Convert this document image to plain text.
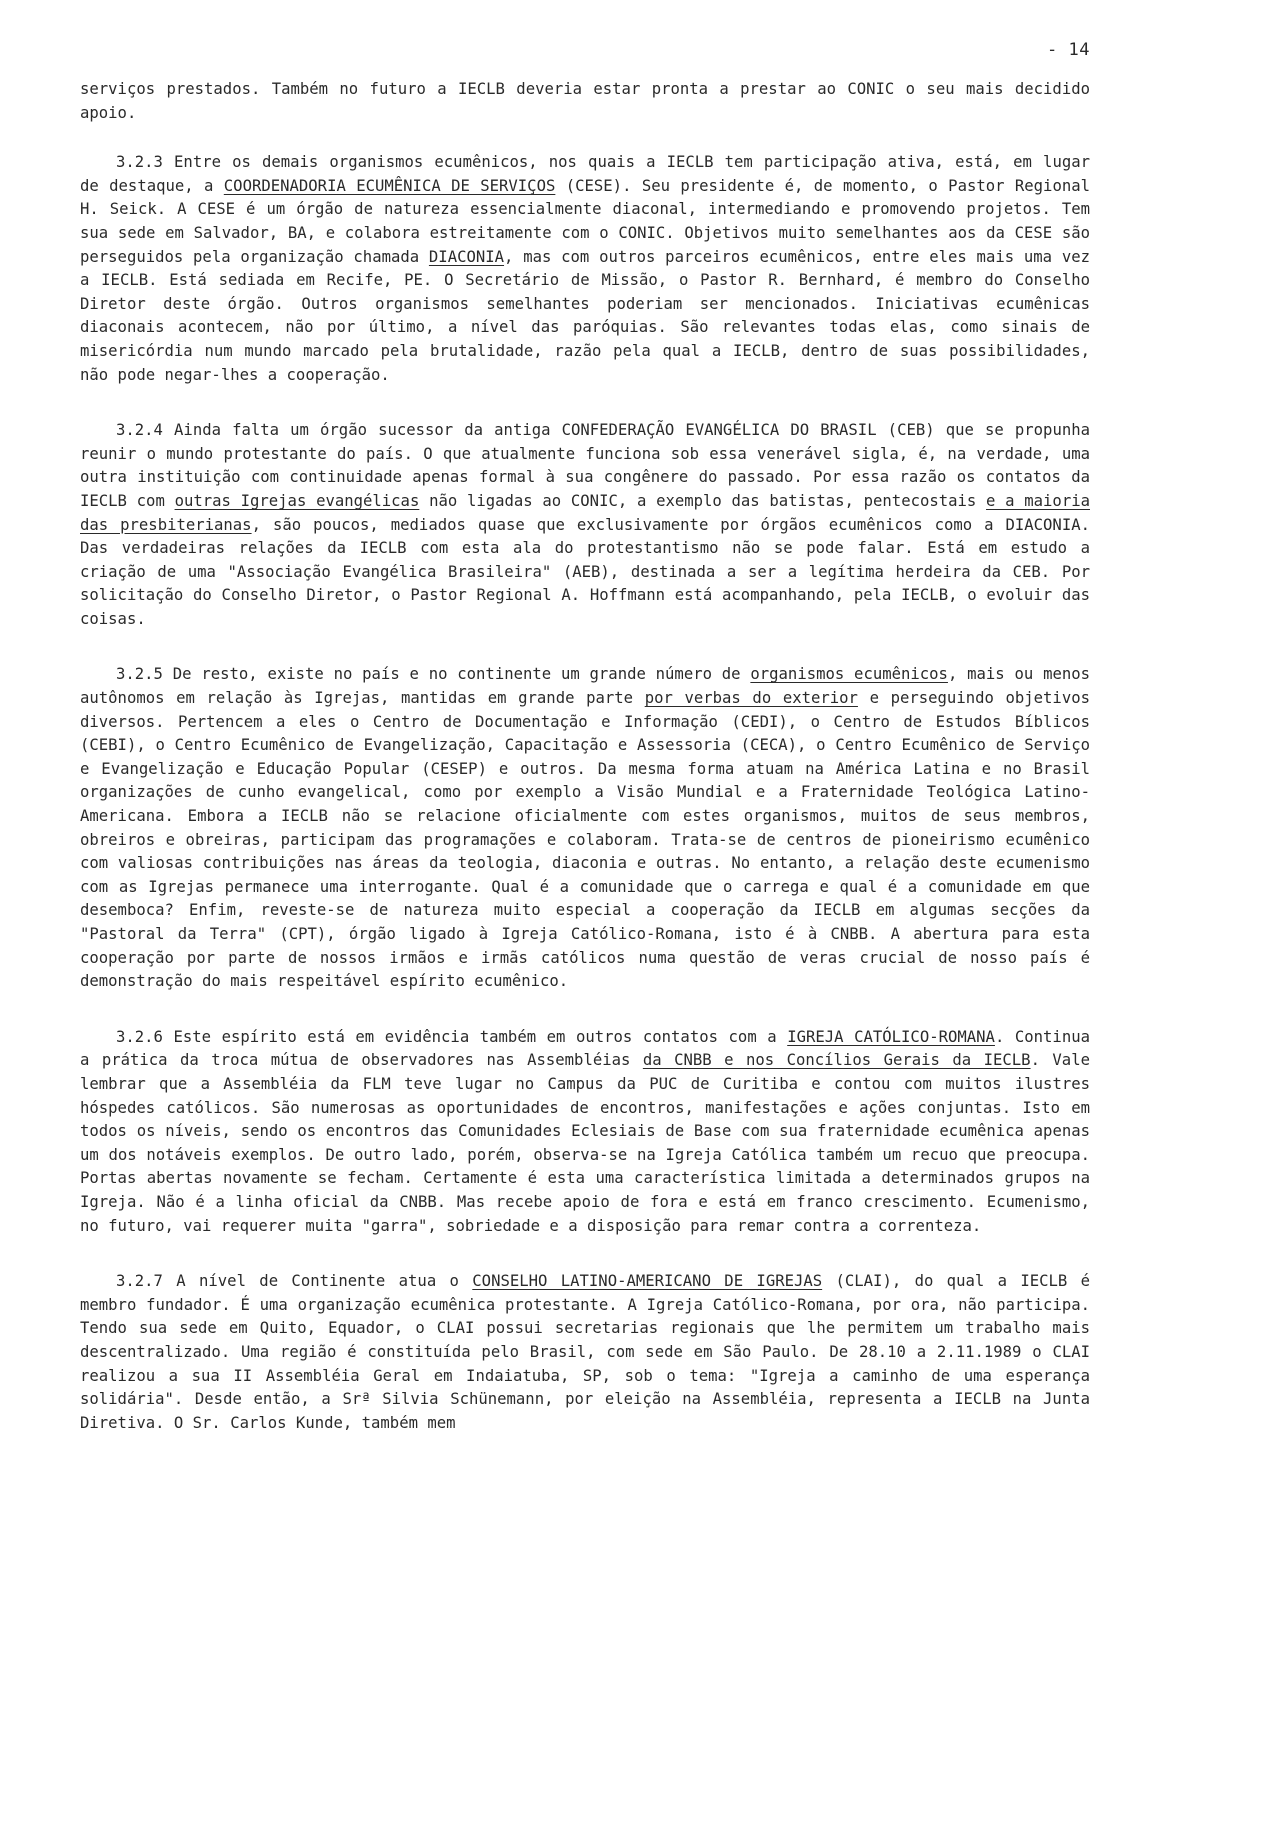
- 14

serviços prestados. Também no futuro a IECLB deveria estar pronta a prestar ao CONIC o seu mais decidido apoio.

3.2.3 Entre os demais organismos ecumênicos, nos quais a IECLB tem participação ativa, está, em lugar de destaque, a COORDENADORIA ECUMÊNICA DE SERVIÇOS (CESE). Seu presidente é, de momento, o Pastor Regional H. Seick. A CESE é um órgão de natureza essencialmente diaconal, intermediando e promovendo projetos. Tem sua sede em Salvador, BA, e colabora estreitamente com o CONIC. Objetivos muito semelhantes aos da CESE são perseguidos pela organização chamada DIACONIA, mas com outros parceiros ecumênicos, entre eles mais uma vez a IECLB. Está sediada em Recife, PE. O Secretário de Missão, o Pastor R. Bernhard, é membro do Conselho Diretor deste órgão. Outros organismos semelhantes poderiam ser mencionados. Iniciativas ecumênicas diaconais acontecem, não por último, a nível das paróquias. São relevantes todas elas, como sinais de misericórdia num mundo marcado pela brutalidade, razão pela qual a IECLB, dentro de suas possibilidades, não pode negar-lhes a cooperação.

3.2.4 Ainda falta um órgão sucessor da antiga CONFEDERAÇÃO EVANGÉLICA DO BRASIL (CEB) que se propunha reunir o mundo protestante do país. O que atualmente funciona sob essa venerável sigla, é, na verdade, uma outra instituição com continuidade apenas formal à sua congênere do passado. Por essa razão os contatos da IECLB com outras Igrejas evangélicas não ligadas ao CONIC, a exemplo das batistas, pentecostais e a maioria das presbiterianas, são poucos, mediados quase que exclusivamente por órgãos ecumênicos como a DIACONIA. Das verdadeiras relações da IECLB com esta ala do protestantismo não se pode falar. Está em estudo a criação de uma "Associação Evangélica Brasileira" (AEB), destinada a ser a legítima herdeira da CEB. Por solicitação do Conselho Diretor, o Pastor Regional A. Hoffmann está acompanhando, pela IECLB, o evoluir das coisas.

3.2.5 De resto, existe no país e no continente um grande número de organismos ecumênicos, mais ou menos autônomos em relação às Igrejas, mantidas em grande parte por verbas do exterior e perseguindo objetivos diversos. Pertencem a eles o Centro de Documentação e Informação (CEDI), o Centro de Estudos Bíblicos (CEBI), o Centro Ecumênico de Evangelização, Capacitação e Assessoria (CECA), o Centro Ecumênico de Serviço e Evangelização e Educação Popular (CESEP) e outros. Da mesma forma atuam na América Latina e no Brasil organizações de cunho evangelical, como por exemplo a Visão Mundial e a Fraternidade Teológica Latino-Americana. Embora a IECLB não se relacione oficialmente com estes organismos, muitos de seus membros, obreiros e obreiras, participam das programações e colaboram. Trata-se de centros de pioneirismo ecumênico com valiosas contribuições nas áreas da teologia, diaconia e outras. No entanto, a relação deste ecumenismo com as Igrejas permanece uma interrogante. Qual é a comunidade que o carrega e qual é a comunidade em que desemboca? Enfim, reveste-se de natureza muito especial a cooperação da IECLB em algumas secções da "Pastoral da Terra" (CPT), órgão ligado à Igreja Católico-Romana, isto é à CNBB. A abertura para esta cooperação por parte de nossos irmãos e irmãs católicos numa questão de veras crucial de nosso país é demonstração do mais respeitável espírito ecumênico.

3.2.6 Este espírito está em evidência também em outros contatos com a IGREJA CATÓLICO-ROMANA. Continua a prática da troca mútua de observadores nas Assembléias da CNBB e nos Concílios Gerais da IECLB. Vale lembrar que a Assembléia da FLM teve lugar no Campus da PUC de Curitiba e contou com muitos ilustres hóspedes católicos. São numerosas as oportunidades de encontros, manifestações e ações conjuntas. Isto em todos os níveis, sendo os encontros das Comunidades Eclesiais de Base com sua fraternidade ecumênica apenas um dos notáveis exemplos. De outro lado, porém, observa-se na Igreja Católica também um recuo que preocupa. Portas abertas novamente se fecham. Certamente é esta uma característica limitada a determinados grupos na Igreja. Não é a linha oficial da CNBB. Mas recebe apoio de fora e está em franco crescimento. Ecumenismo, no futuro, vai requerer muita "garra", sobriedade e a disposição para remar contra a correnteza.

3.2.7 A nível de Continente atua o CONSELHO LATINO-AMERICANO DE IGREJAS (CLAI), do qual a IECLB é membro fundador. É uma organização ecumênica protestante. A Igreja Católico-Romana, por ora, não participa. Tendo sua sede em Quito, Equador, o CLAI possui secretarias regionais que lhe permitem um trabalho mais descentralizado. Uma região é constituída pelo Brasil, com sede em São Paulo. De 28.10 a 2.11.1989 o CLAI realizou a sua II Assembléia Geral em Indaiatuba, SP, sob o tema: "Igreja a caminho de uma esperança solidária". Desde então, a Srª Silvia Schünemann, por eleição na Assembléia, representa a IECLB na Junta Diretiva. O Sr. Carlos Kunde, também mem
